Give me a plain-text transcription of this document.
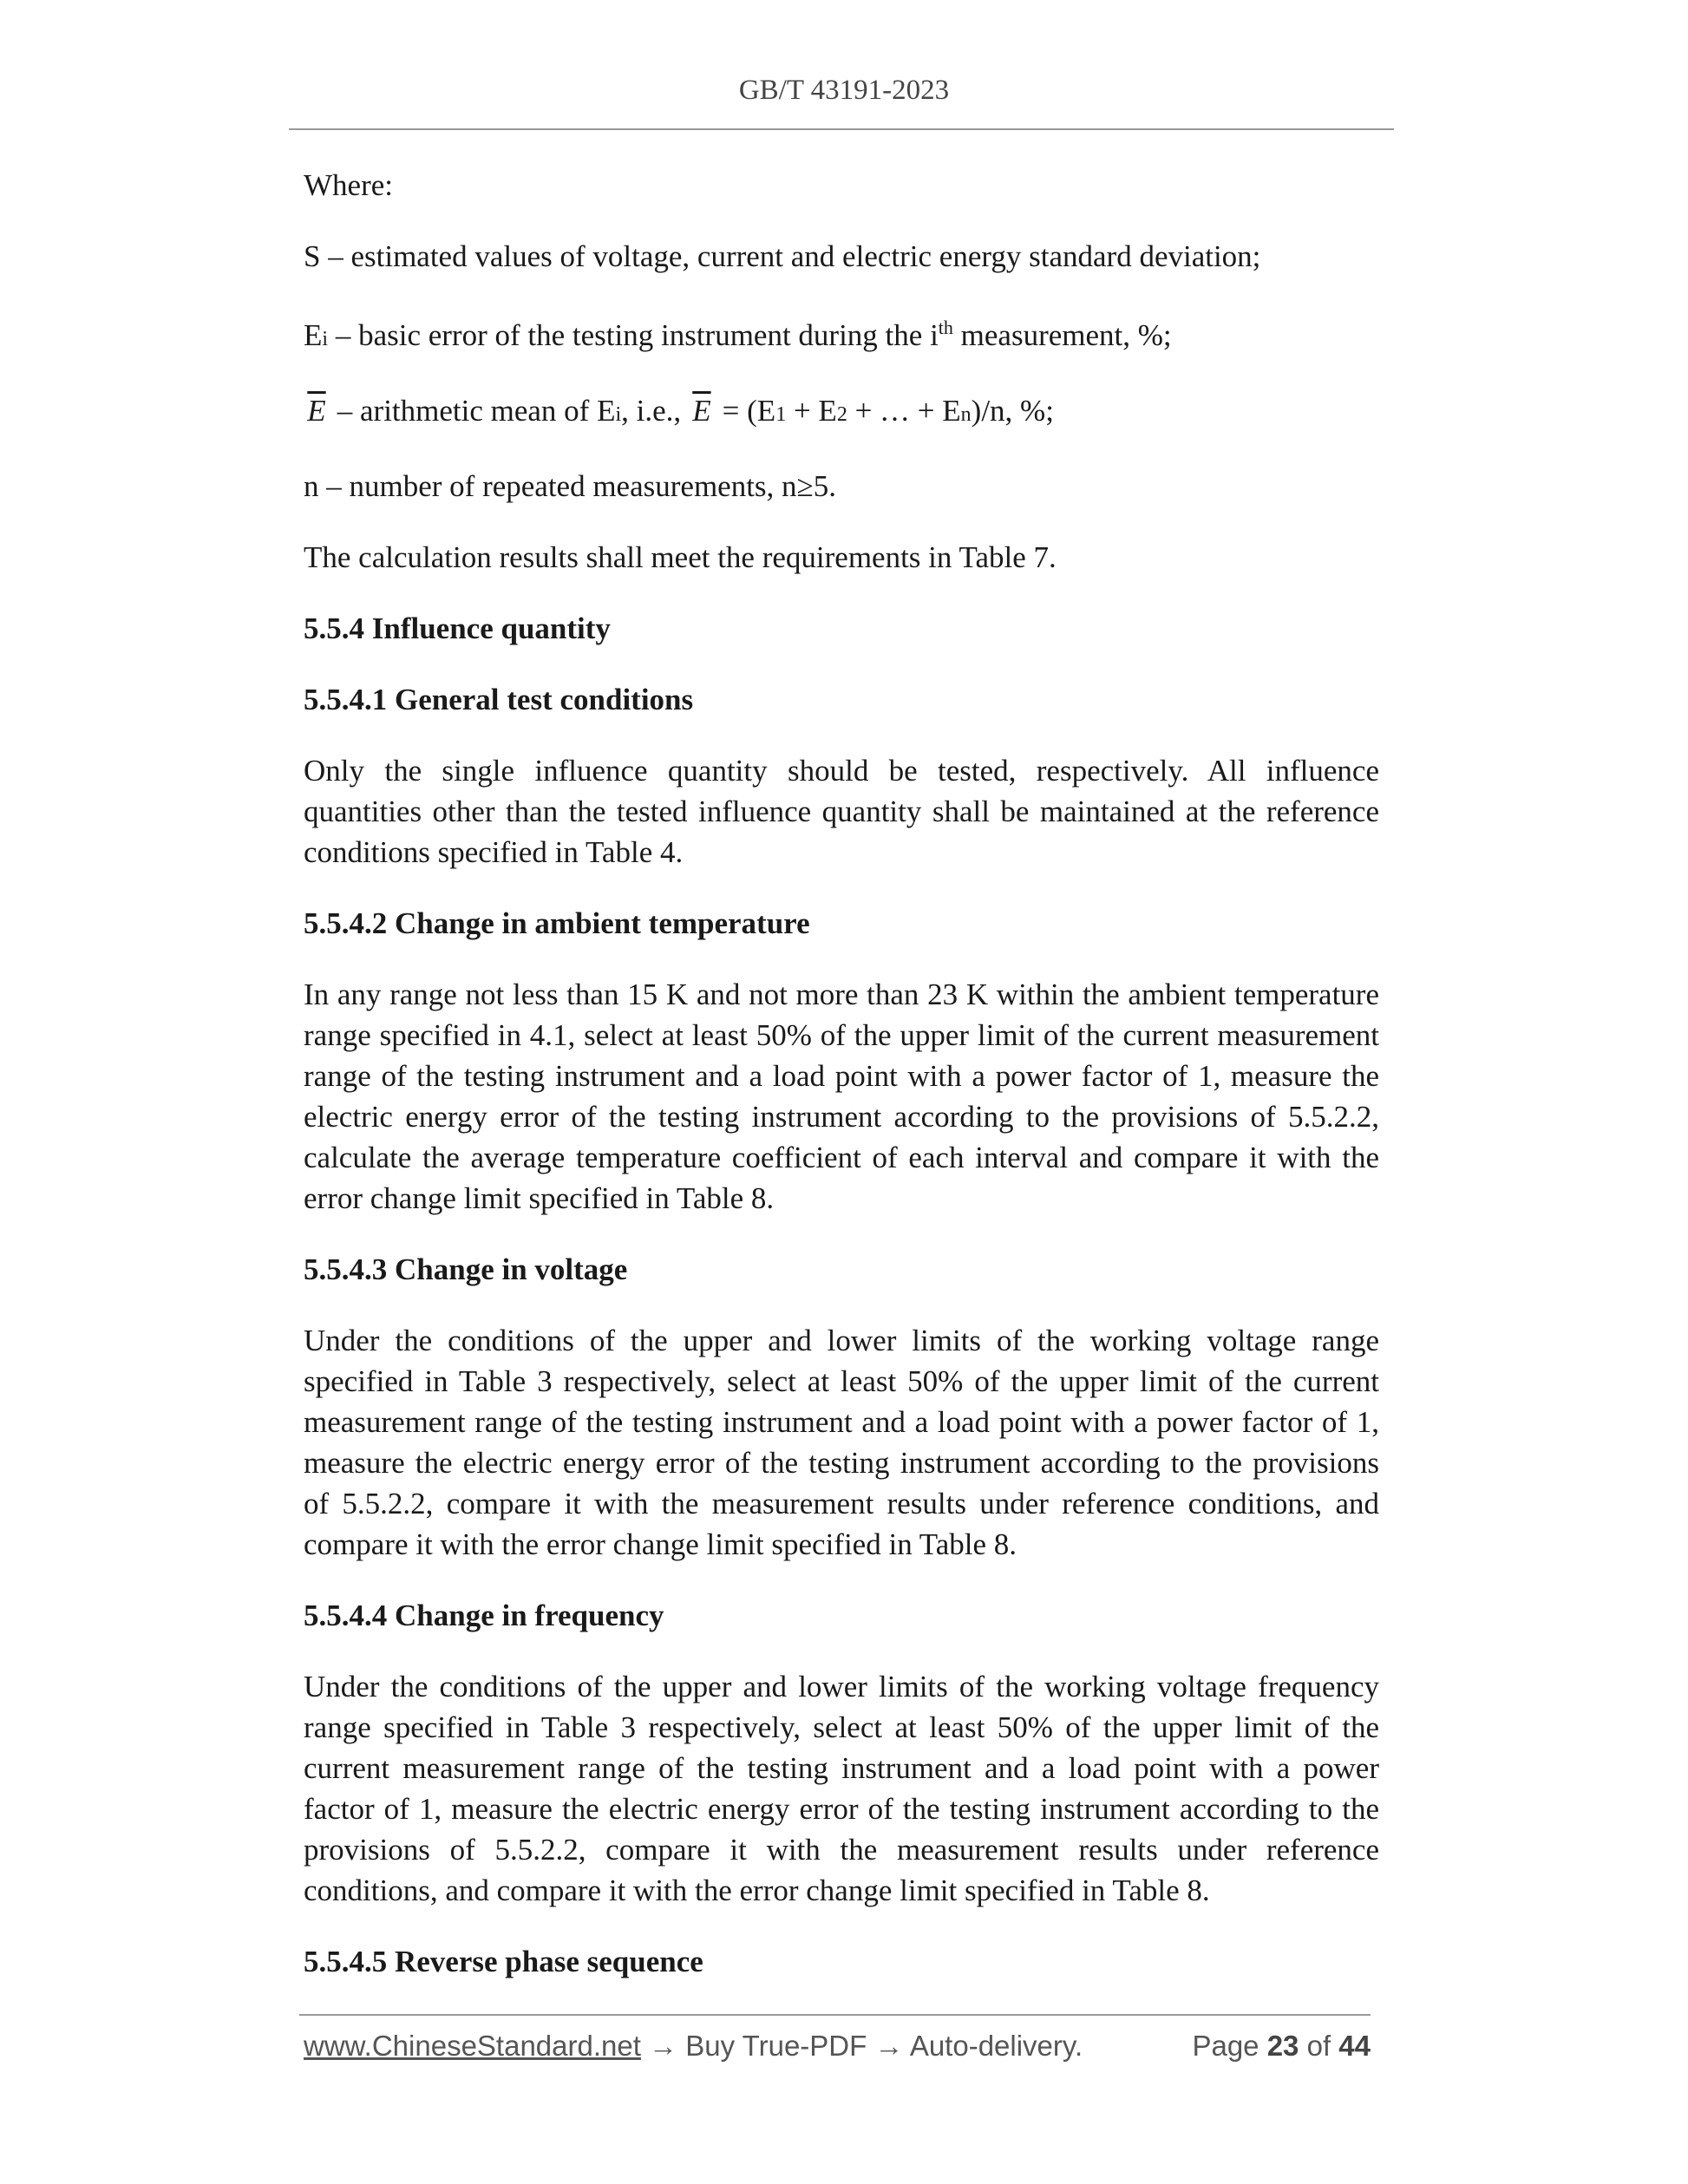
GB/T 43191-2023
Where:
S – estimated values of voltage, current and electric energy standard deviation;
Ei – basic error of the testing instrument during the $i^{th}$ measurement, %;
$\overline{E}$ – arithmetic mean of Ei, i.e., $\overline{E} = (E1 + E2$ + … + En)/n, %;
n – number of repeated measurements, n≥5.
The calculation results shall meet the requirements in Table 7.
5.5.4 Influence quantity
5.5.4.1 General test conditions
Only the single influence quantity should be tested, respectively. All influence
quantities other than the tested influence quantity shall be maintained at the reference
conditions specified in Table 4.
5.5.4.2 Change in ambient temperature
In any range not less than 15 K and not more than 23 K within the ambient temperature
range specified in 4.1, select at least 50% of the upper limit of the current measurement
range of the testing instrument and a load point with a power factor of 1, measure the
electric energy error of the testing instrument according to the provisions of 5.5.2.2,
calculate the average temperature coefficient of each interval and compare it with the
error change limit specified in Table 8.
5.5.4.3 Change in voltage
Under the conditions of the upper and lower limits of the working voltage range
specified in Table 3 respectively, select at least 50% of the upper limit of the current
measurement range of the testing instrument and a load point with a power factor of 1,
measure the electric energy error of the testing instrument according to the provisions
of 5.5.2.2, compare it with the measurement results under reference conditions, and
compare it with the error change limit specified in Table 8.
5.5.4.4 Change in frequency
Under the conditions of the upper and lower limits of the working voltage frequency
range specified in Table 3 respectively, select at least 50% of the upper limit of the
current measurement range of the testing instrument and a load point with a power
factor of 1, measure the electric energy error of the testing instrument according to the
provisions of 5.5.2.2, compare it with the measurement results under reference
conditions, and compare it with the error change limit specified in Table 8.
5.5.4.5 Reverse phase sequence
www.ChineseStandard.net → Buy True-PDF → Auto-delivery.	Page 23 of 44
